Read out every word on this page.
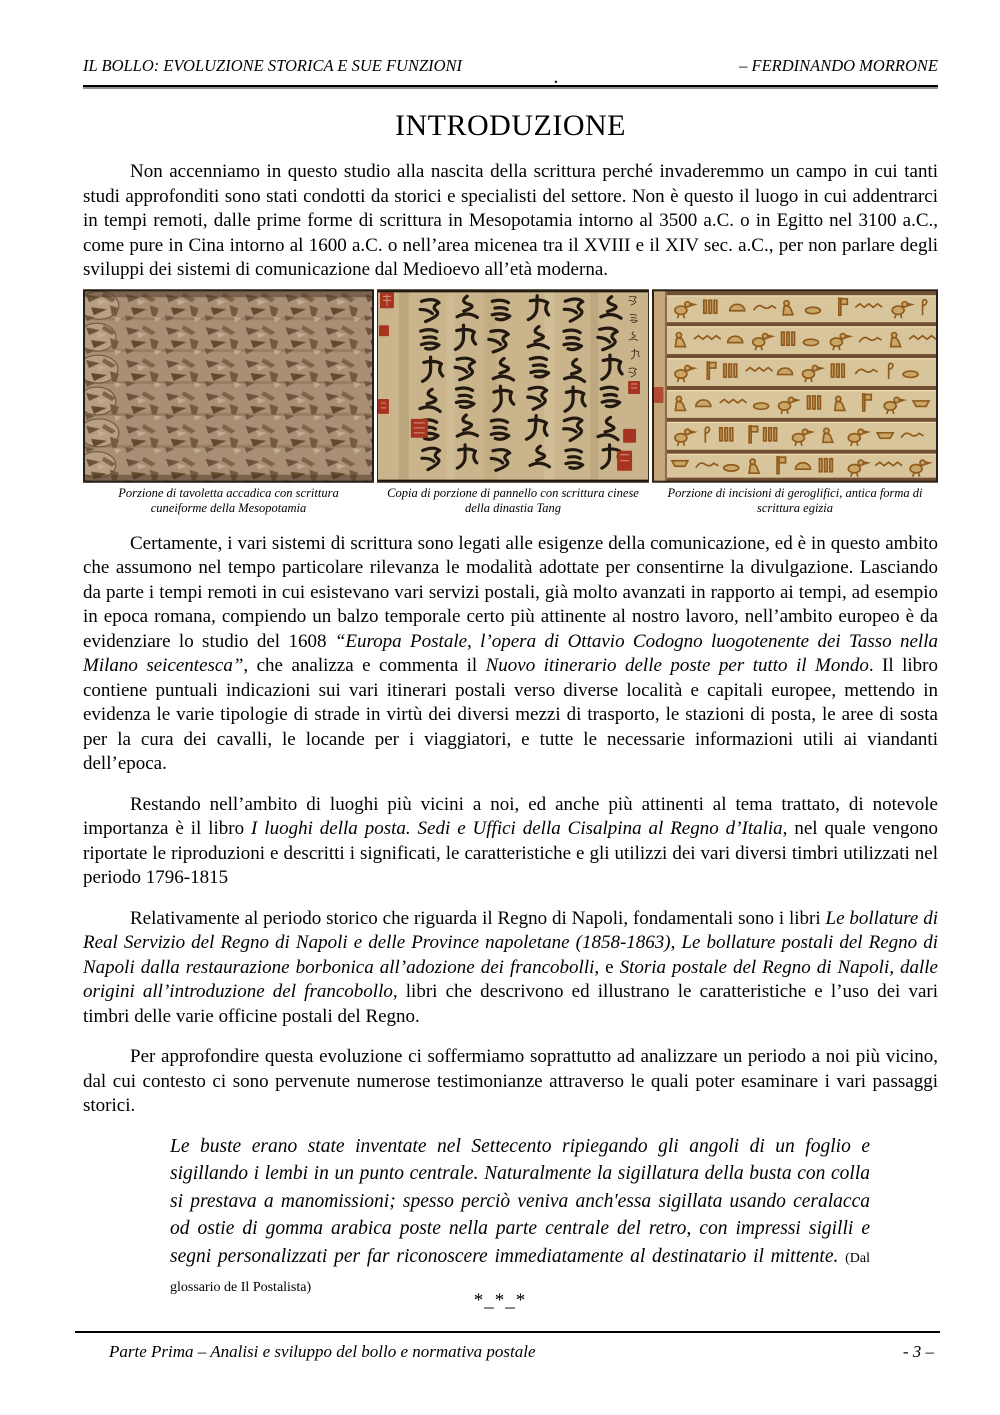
IL BOLLO: EVOLUZIONE STORICA E SUE FUNZIONI	– FERDINANDO MORRONE
.
INTRODUZIONE

Non accenniamo in questo studio alla nascita della scrittura perché invaderemmo un campo in cui tanti studi approfonditi sono stati condotti da storici e specialisti del settore. Non è questo il luogo in cui addentrarci in tempi remoti, dalle prime forme di scrittura in Mesopotamia intorno al 3500 a.C. o in Egitto nel 3100 a.C., come pure in Cina intorno al 1600 a.C. o nell’area micenea tra il XVIII e il XIV sec. a.C., per non parlare degli sviluppi dei sistemi di comunicazione dal Medioevo all’età moderna.

Porzione di tavoletta accadica con scrittura cuneiforme della Mesopotamia
Copia di porzione di pannello con scrittura cinese della dinastia Tang
Porzione di incisioni di geroglifici, antica forma di scrittura egizia

Certamente, i vari sistemi di scrittura sono legati alle esigenze della comunicazione, ed è in questo ambito che assumono nel tempo particolare rilevanza le modalità adottate per consentirne la divulgazione. Lasciando da parte i tempi remoti in cui esistevano vari servizi postali, già molto avanzati in rapporto ai tempi, ad esempio in epoca romana, compiendo un balzo temporale certo più attinente al nostro lavoro, nell’ambito europeo è da evidenziare lo studio del 1608 “Europa Postale, l’opera di Ottavio Codogno luogotenente dei Tasso nella Milano seicentesca”, che analizza e commenta il Nuovo itinerario delle poste per tutto il Mondo. Il libro contiene puntuali indicazioni sui vari itinerari postali verso diverse località e capitali europee, mettendo in evidenza le varie tipologie di strade in virtù dei diversi mezzi di trasporto, le stazioni di posta, le aree di sosta per la cura dei cavalli, le locande per i viaggiatori, e tutte le necessarie informazioni utili ai viandanti dell’epoca.

Restando nell’ambito di luoghi più vicini a noi, ed anche più attinenti al tema trattato, di notevole importanza è il libro I luoghi della posta. Sedi e Uffici della Cisalpina al Regno d’Italia, nel quale vengono riportate le riproduzioni e descritti i significati, le caratteristiche e gli utilizzi dei vari diversi timbri utilizzati nel periodo 1796-1815

Relativamente al periodo storico che riguarda il Regno di Napoli, fondamentali sono i libri Le bollature di Real Servizio del Regno di Napoli e delle Province napoletane (1858-1863), Le bollature postali del Regno di Napoli dalla restaurazione borbonica all’adozione dei francobolli, e Storia postale del Regno di Napoli, dalle origini all’introduzione del francobollo, libri che descrivono ed illustrano le caratteristiche e l’uso dei vari timbri delle varie officine postali del Regno.

Per approfondire questa evoluzione ci soffermiamo soprattutto ad analizzare un periodo a noi più vicino, dal cui contesto ci sono pervenute numerose testimonianze attraverso le quali poter esaminare i vari passaggi storici.

Le buste erano state inventate nel Settecento ripiegando gli angoli di un foglio e sigillando i lembi in un punto centrale. Naturalmente la sigillatura della busta con colla si prestava a manomissioni; spesso perciò veniva anch'essa sigillata usando ceralacca od ostie di gomma arabica poste nella parte centrale del retro, con impressi sigilli e segni personalizzati per far riconoscere immediatamente al destinatario il mittente. (Dal glossario de Il Postalista)
*_*_*
Parte Prima – Analisi e sviluppo del bollo e normativa postale	- 3 –
